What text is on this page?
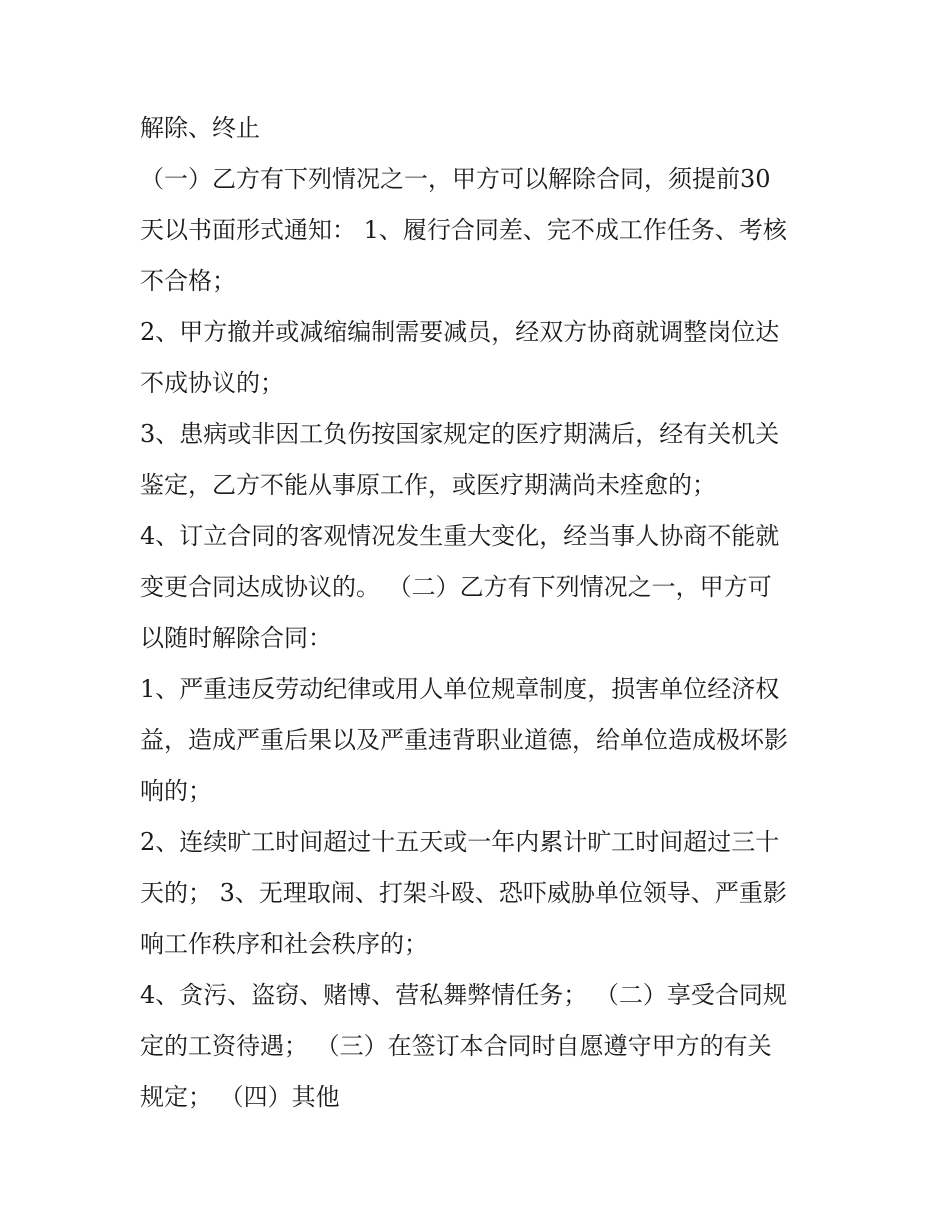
解除、终止
（一）乙方有下列情况之一，甲方可以解除合同，须提前30
天以书面形式通知： 1、履行合同差、完不成工作任务、考核
不合格；
2、甲方撤并或减缩编制需要减员，经双方协商就调整岗位达
不成协议的；
3、患病或非因工负伤按国家规定的医疗期满后，经有关机关
鉴定，乙方不能从事原工作，或医疗期满尚未痊愈的；
4、订立合同的客观情况发生重大变化，经当事人协商不能就
变更合同达成协议的。 （二）乙方有下列情况之一，甲方可
以随时解除合同：
1、严重违反劳动纪律或用人单位规章制度，损害单位经济权
益，造成严重后果以及严重违背职业道德，给单位造成极坏影
响的；
2、连续旷工时间超过十五天或一年内累计旷工时间超过三十
天的； 3、无理取闹、打架斗殴、恐吓威胁单位领导、严重影
响工作秩序和社会秩序的；
4、贪污、盗窃、赌博、营私舞弊情任务； （二）享受合同规
定的工资待遇； （三）在签订本合同时自愿遵守甲方的有关
规定； （四）其他
